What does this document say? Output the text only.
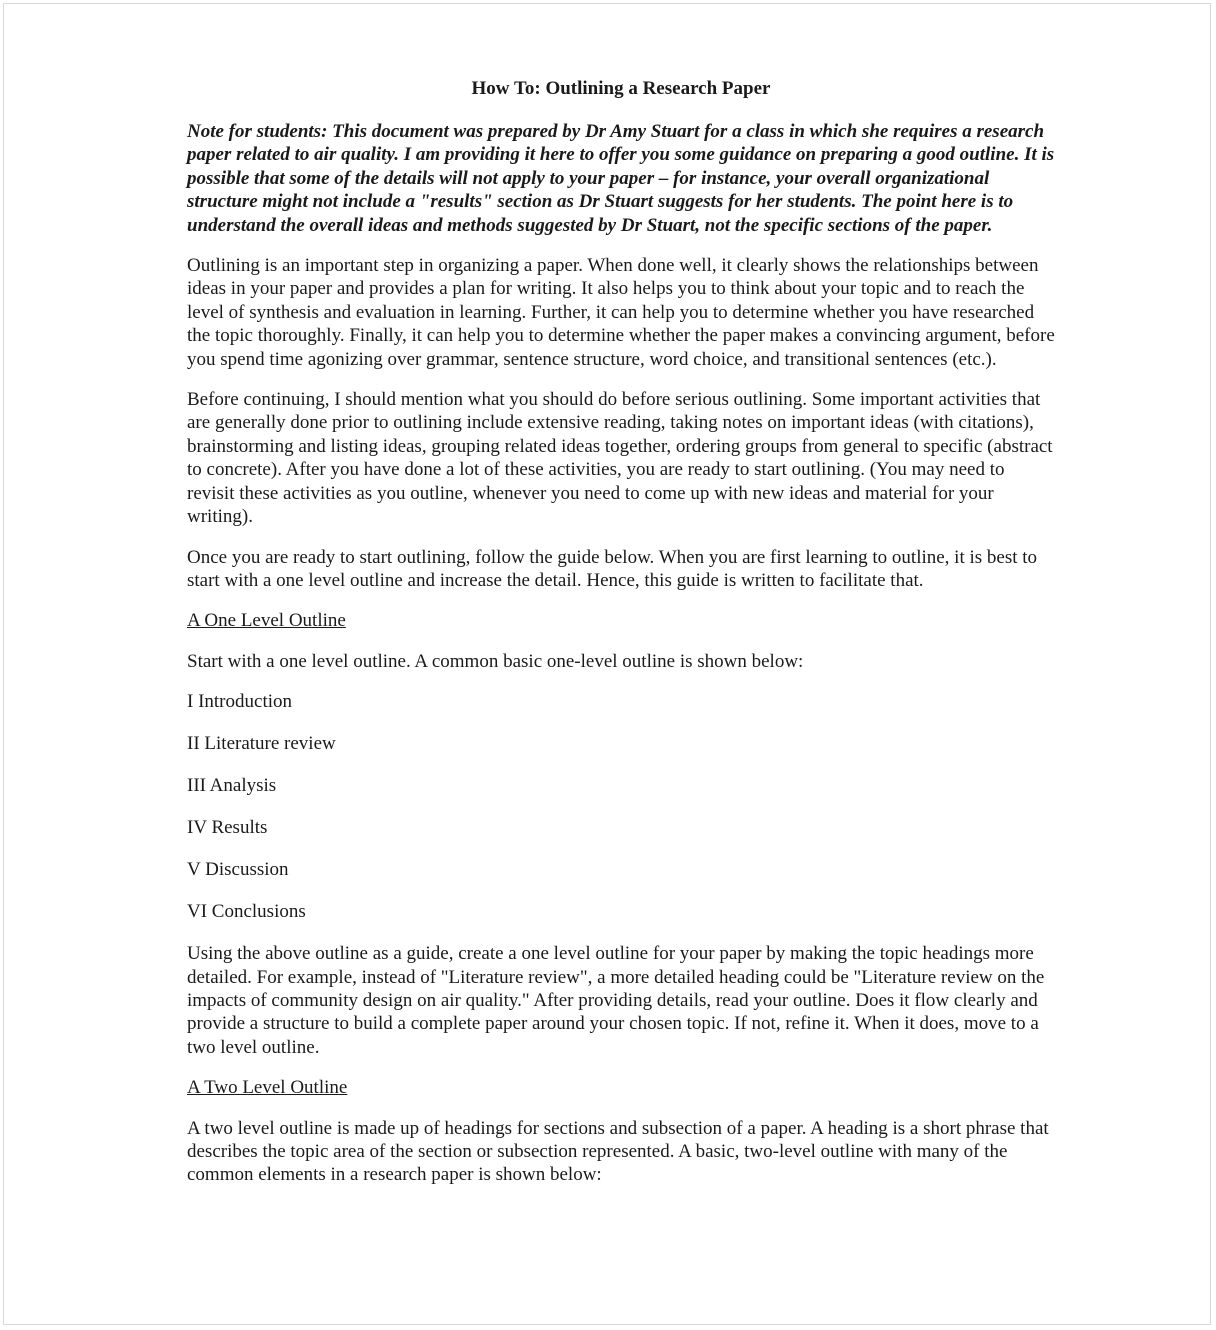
How To: Outlining a Research Paper
Note for students: This document was prepared by Dr Amy Stuart for a class in which she requires a research paper related to air quality. I am providing it here to offer you some guidance on preparing a good outline. It is possible that some of the details will not apply to your paper – for instance, your overall organizational structure might not include a "results" section as Dr Stuart suggests for her students. The point here is to understand the overall ideas and methods suggested by Dr Stuart, not the specific sections of the paper.

Outlining is an important step in organizing a paper. When done well, it clearly shows the relationships between ideas in your paper and provides a plan for writing. It also helps you to think about your topic and to reach the level of synthesis and evaluation in learning. Further, it can help you to determine whether you have researched the topic thoroughly. Finally, it can help you to determine whether the paper makes a convincing argument, before you spend time agonizing over grammar, sentence structure, word choice, and transitional sentences (etc.).

Before continuing, I should mention what you should do before serious outlining. Some important activities that are generally done prior to outlining include extensive reading, taking notes on important ideas (with citations), brainstorming and listing ideas, grouping related ideas together, ordering groups from general to specific (abstract to concrete). After you have done a lot of these activities, you are ready to start outlining. (You may need to revisit these activities as you outline, whenever you need to come up with new ideas and material for your writing).

Once you are ready to start outlining, follow the guide below. When you are first learning to outline, it is best to start with a one level outline and increase the detail. Hence, this guide is written to facilitate that.

A One Level Outline

Start with a one level outline. A common basic one-level outline is shown below:

I Introduction
II Literature review
III Analysis
IV Results
V Discussion
VI Conclusions

Using the above outline as a guide, create a one level outline for your paper by making the topic headings more detailed. For example, instead of "Literature review", a more detailed heading could be "Literature review on the impacts of community design on air quality." After providing details, read your outline. Does it flow clearly and provide a structure to build a complete paper around your chosen topic. If not, refine it. When it does, move to a two level outline.

A Two Level Outline

A two level outline is made up of headings for sections and subsection of a paper. A heading is a short phrase that describes the topic area of the section or subsection represented. A basic, two-level outline with many of the common elements in a research paper is shown below:
